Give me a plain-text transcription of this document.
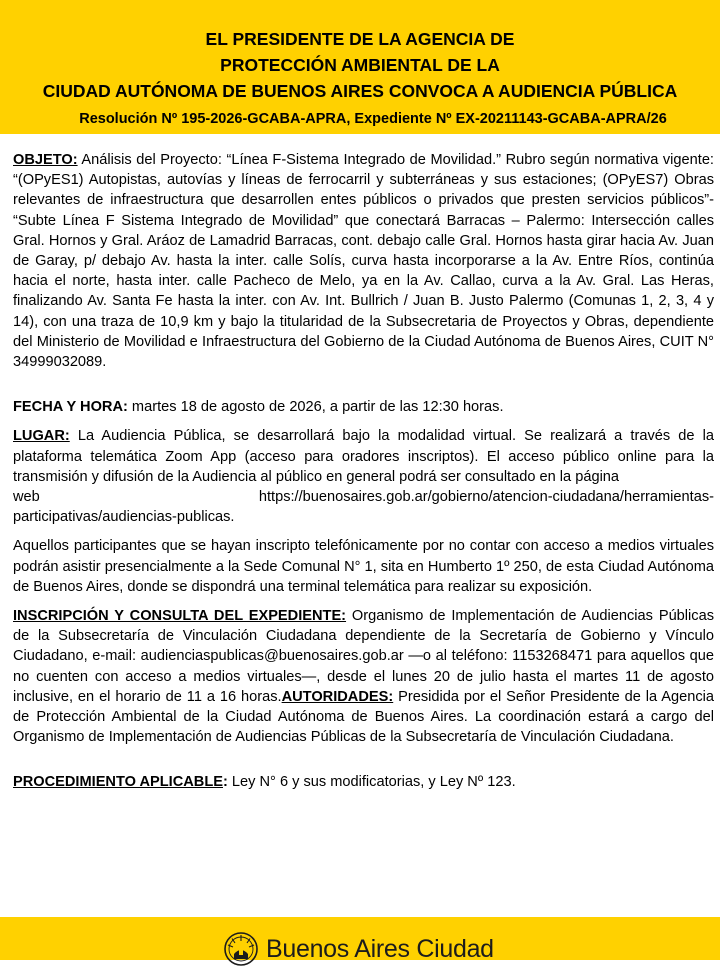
EL PRESIDENTE DE LA AGENCIA DE

PROTECCIÓN AMBIENTAL DE LA

CIUDAD AUTÓNOMA DE BUENOS AIRES CONVOCA A AUDIENCIA PÚBLICA

Resolución Nº 195-2026-GCABA-APRA, Expediente Nº EX-20211143-GCABA-APRA/26

OBJETO: Análisis del Proyecto: “Línea F-Sistema Integrado de Movilidad.” Rubro según normativa vigente: “(OPyES1) Autopistas, autovías y líneas de ferrocarril y subterráneas y sus estaciones; (OPyES7) Obras relevantes de infraestructura que desarrollen entes públicos o privados que presten servicios públicos”- “Subte Línea F Sistema Integrado de Movilidad” que conectará Barracas – Palermo: Intersección calles Gral. Hornos y Gral. Aráoz de Lamadrid Barracas, cont. debajo calle Gral. Hornos hasta girar hacia Av. Juan de Garay, p/ debajo Av. hasta la inter. calle Solís, curva hasta incorporarse a la Av. Entre Ríos, continúa hacia el norte, hasta inter. calle Pacheco de Melo, ya en la Av. Callao, curva a la Av. Gral. Las Heras, finalizando Av. Santa Fe hasta la inter. con Av. Int. Bullrich / Juan B. Justo Palermo (Comunas 1, 2, 3, 4 y 14), con una traza de 10,9 km y bajo la titularidad de la Subsecretaria de Proyectos y Obras, dependiente del Ministerio de Movilidad e Infraestructura del Gobierno de la Ciudad Autónoma de Buenos Aires, CUIT N° 34999032089.

FECHA Y HORA: martes 18 de agosto de 2026, a partir de las 12:30 horas.

LUGAR: La Audiencia Pública, se desarrollará bajo la modalidad virtual. Se realizará a través de la plataforma telemática Zoom App (acceso para oradores inscriptos). El acceso público online para la transmisión y difusión de la Audiencia al público en general podrá ser consultado en la página

web	https://buenosaires.gob.ar/gobierno/atencion-ciudadana/herramientas-

participativas/audiencias-publicas.

Aquellos participantes que se hayan inscripto telefónicamente por no contar con acceso a medios virtuales podrán asistir presencialmente a la Sede Comunal N° 1, sita en Humberto 1º 250, de esta Ciudad Autónoma de Buenos Aires, donde se dispondrá una terminal telemática para realizar su exposición.

INSCRIPCIÓN Y CONSULTA DEL EXPEDIENTE: Organismo de Implementación de Audiencias Públicas de la Subsecretaría de Vinculación Ciudadana dependiente de la Secretaría de Gobierno y Vínculo Ciudadano, e-mail: audienciaspublicas@buenosaires.gob.ar —o al teléfono: 1153268471 para aquellos que no cuenten con acceso a medios virtuales—, desde el lunes 20 de julio hasta el martes 11 de agosto inclusive, en el horario de 11 a 16 horas.AUTORIDADES: Presidida por el Señor Presidente de la Agencia de Protección Ambiental de la Ciudad Autónoma de Buenos Aires. La coordinación estará a cargo del Organismo de Implementación de Audiencias Públicas de la Subsecretaría de Vinculación Ciudadana.

PROCEDIMIENTO APLICABLE: Ley N° 6 y sus modificatorias, y Ley Nº 123.

Buenos Aires Ciudad
